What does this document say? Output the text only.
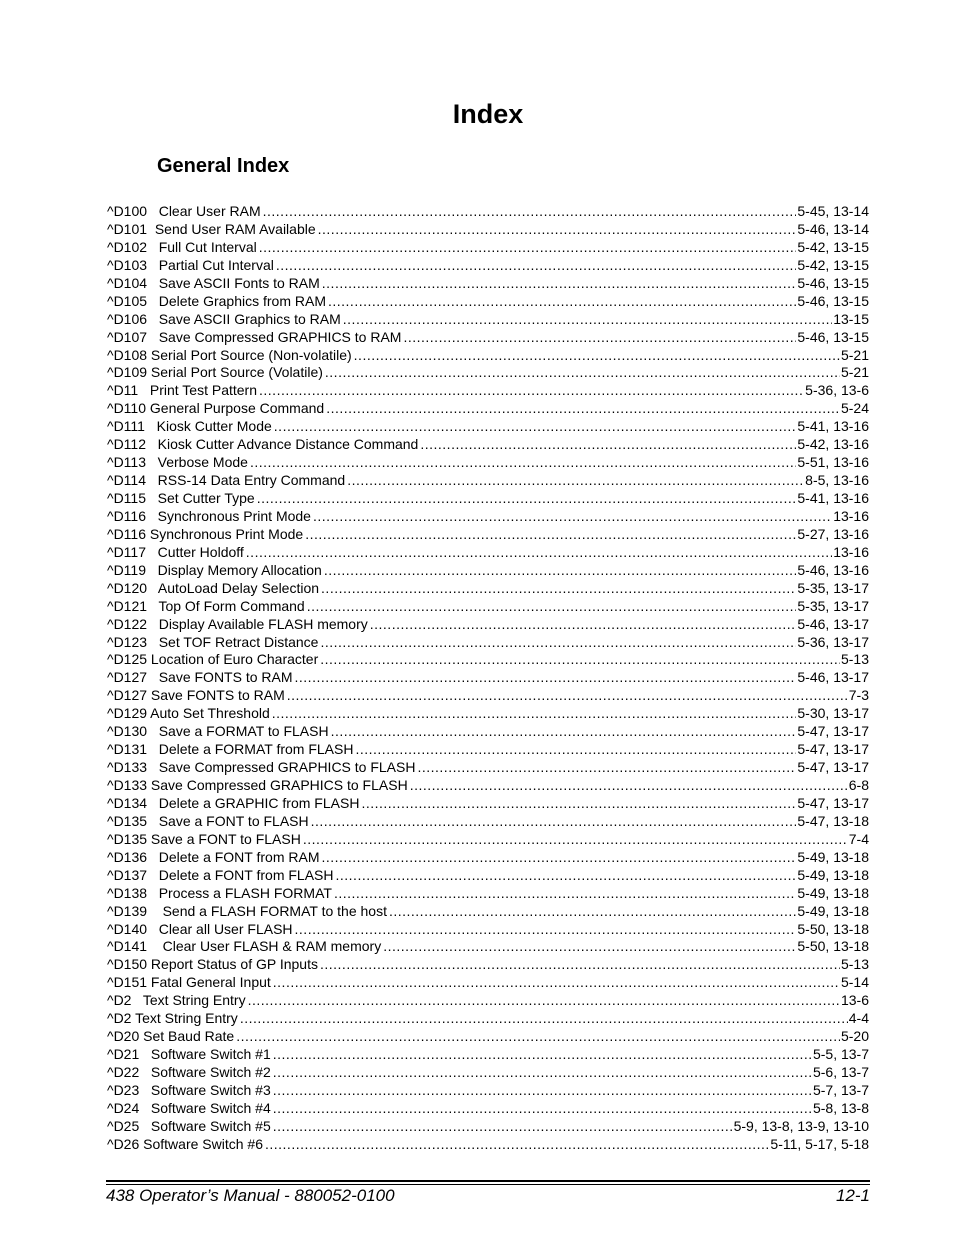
Index
General Index
^D100   Clear User RAM .....	5-45, 13-14
^D101  Send User RAM Available .....	5-46, 13-14
^D102   Full Cut Interval .....	5-42, 13-15
^D103   Partial Cut Interval .....	5-42, 13-15
^D104   Save ASCII Fonts to RAM .....	5-46, 13-15
^D105   Delete Graphics from RAM .....	5-46, 13-15
^D106   Save ASCII Graphics to RAM .....	13-15
^D107   Save Compressed GRAPHICS to RAM .....	5-46, 13-15
^D108 Serial Port Source (Non-volatile) .....	5-21
^D109 Serial Port Source (Volatile) .....	5-21
^D11   Print Test Pattern .....	5-36, 13-6
^D110 General Purpose Command .....	5-24
^D111   Kiosk Cutter Mode .....	5-41, 13-16
^D112   Kiosk Cutter Advance Distance Command .....	5-42, 13-16
^D113   Verbose Mode .....	5-51, 13-16
^D114   RSS-14 Data Entry Command .....	8-5, 13-16
^D115   Set Cutter Type .....	5-41, 13-16
^D116   Synchronous Print Mode .....	13-16
^D116 Synchronous Print Mode .....	5-27, 13-16
^D117   Cutter Holdoff .....	13-16
^D119   Display Memory Allocation .....	5-46, 13-16
^D120   AutoLoad Delay Selection .....	5-35, 13-17
^D121   Top Of Form Command .....	5-35, 13-17
^D122   Display Available FLASH memory .....	5-46, 13-17
^D123   Set TOF Retract Distance .....	5-36, 13-17
^D125 Location of Euro Character .....	5-13
^D127   Save FONTS to RAM .....	5-46, 13-17
^D127 Save FONTS to RAM .....	7-3
^D129 Auto Set Threshold .....	5-30, 13-17
^D130   Save a FORMAT to FLASH .....	5-47, 13-17
^D131   Delete a FORMAT from FLASH .....	5-47, 13-17
^D133   Save Compressed GRAPHICS to FLASH .....	5-47, 13-17
^D133 Save Compressed GRAPHICS to FLASH .....	6-8
^D134   Delete a GRAPHIC from FLASH .....	5-47, 13-17
^D135   Save a FONT to FLASH .....	5-47, 13-18
^D135 Save a FONT to FLASH .....	7-4
^D136   Delete a FONT from RAM .....	5-49, 13-18
^D137   Delete a FONT from FLASH .....	5-49, 13-18
^D138   Process a FLASH FORMAT .....	5-49, 13-18
^D139    Send a FLASH FORMAT to the host .....	5-49, 13-18
^D140   Clear all User FLASH .....	5-50, 13-18
^D141    Clear User FLASH & RAM memory .....	5-50, 13-18
^D150 Report Status of GP Inputs .....	5-13
^D151 Fatal General Input .....	5-14
^D2   Text String Entry .....	13-6
^D2 Text String Entry .....	4-4
^D20 Set Baud Rate .....	5-20
^D21   Software Switch #1 .....	5-5, 13-7
^D22   Software Switch #2 .....	5-6, 13-7
^D23   Software Switch #3 .....	5-7, 13-7
^D24   Software Switch #4 .....	5-8, 13-8
^D25   Software Switch #5 .....	5-9, 13-8, 13-9, 13-10
^D26 Software Switch #6 .....	5-11, 5-17, 5-18
438 Operator’s Manual - 880052-0100	12-1
